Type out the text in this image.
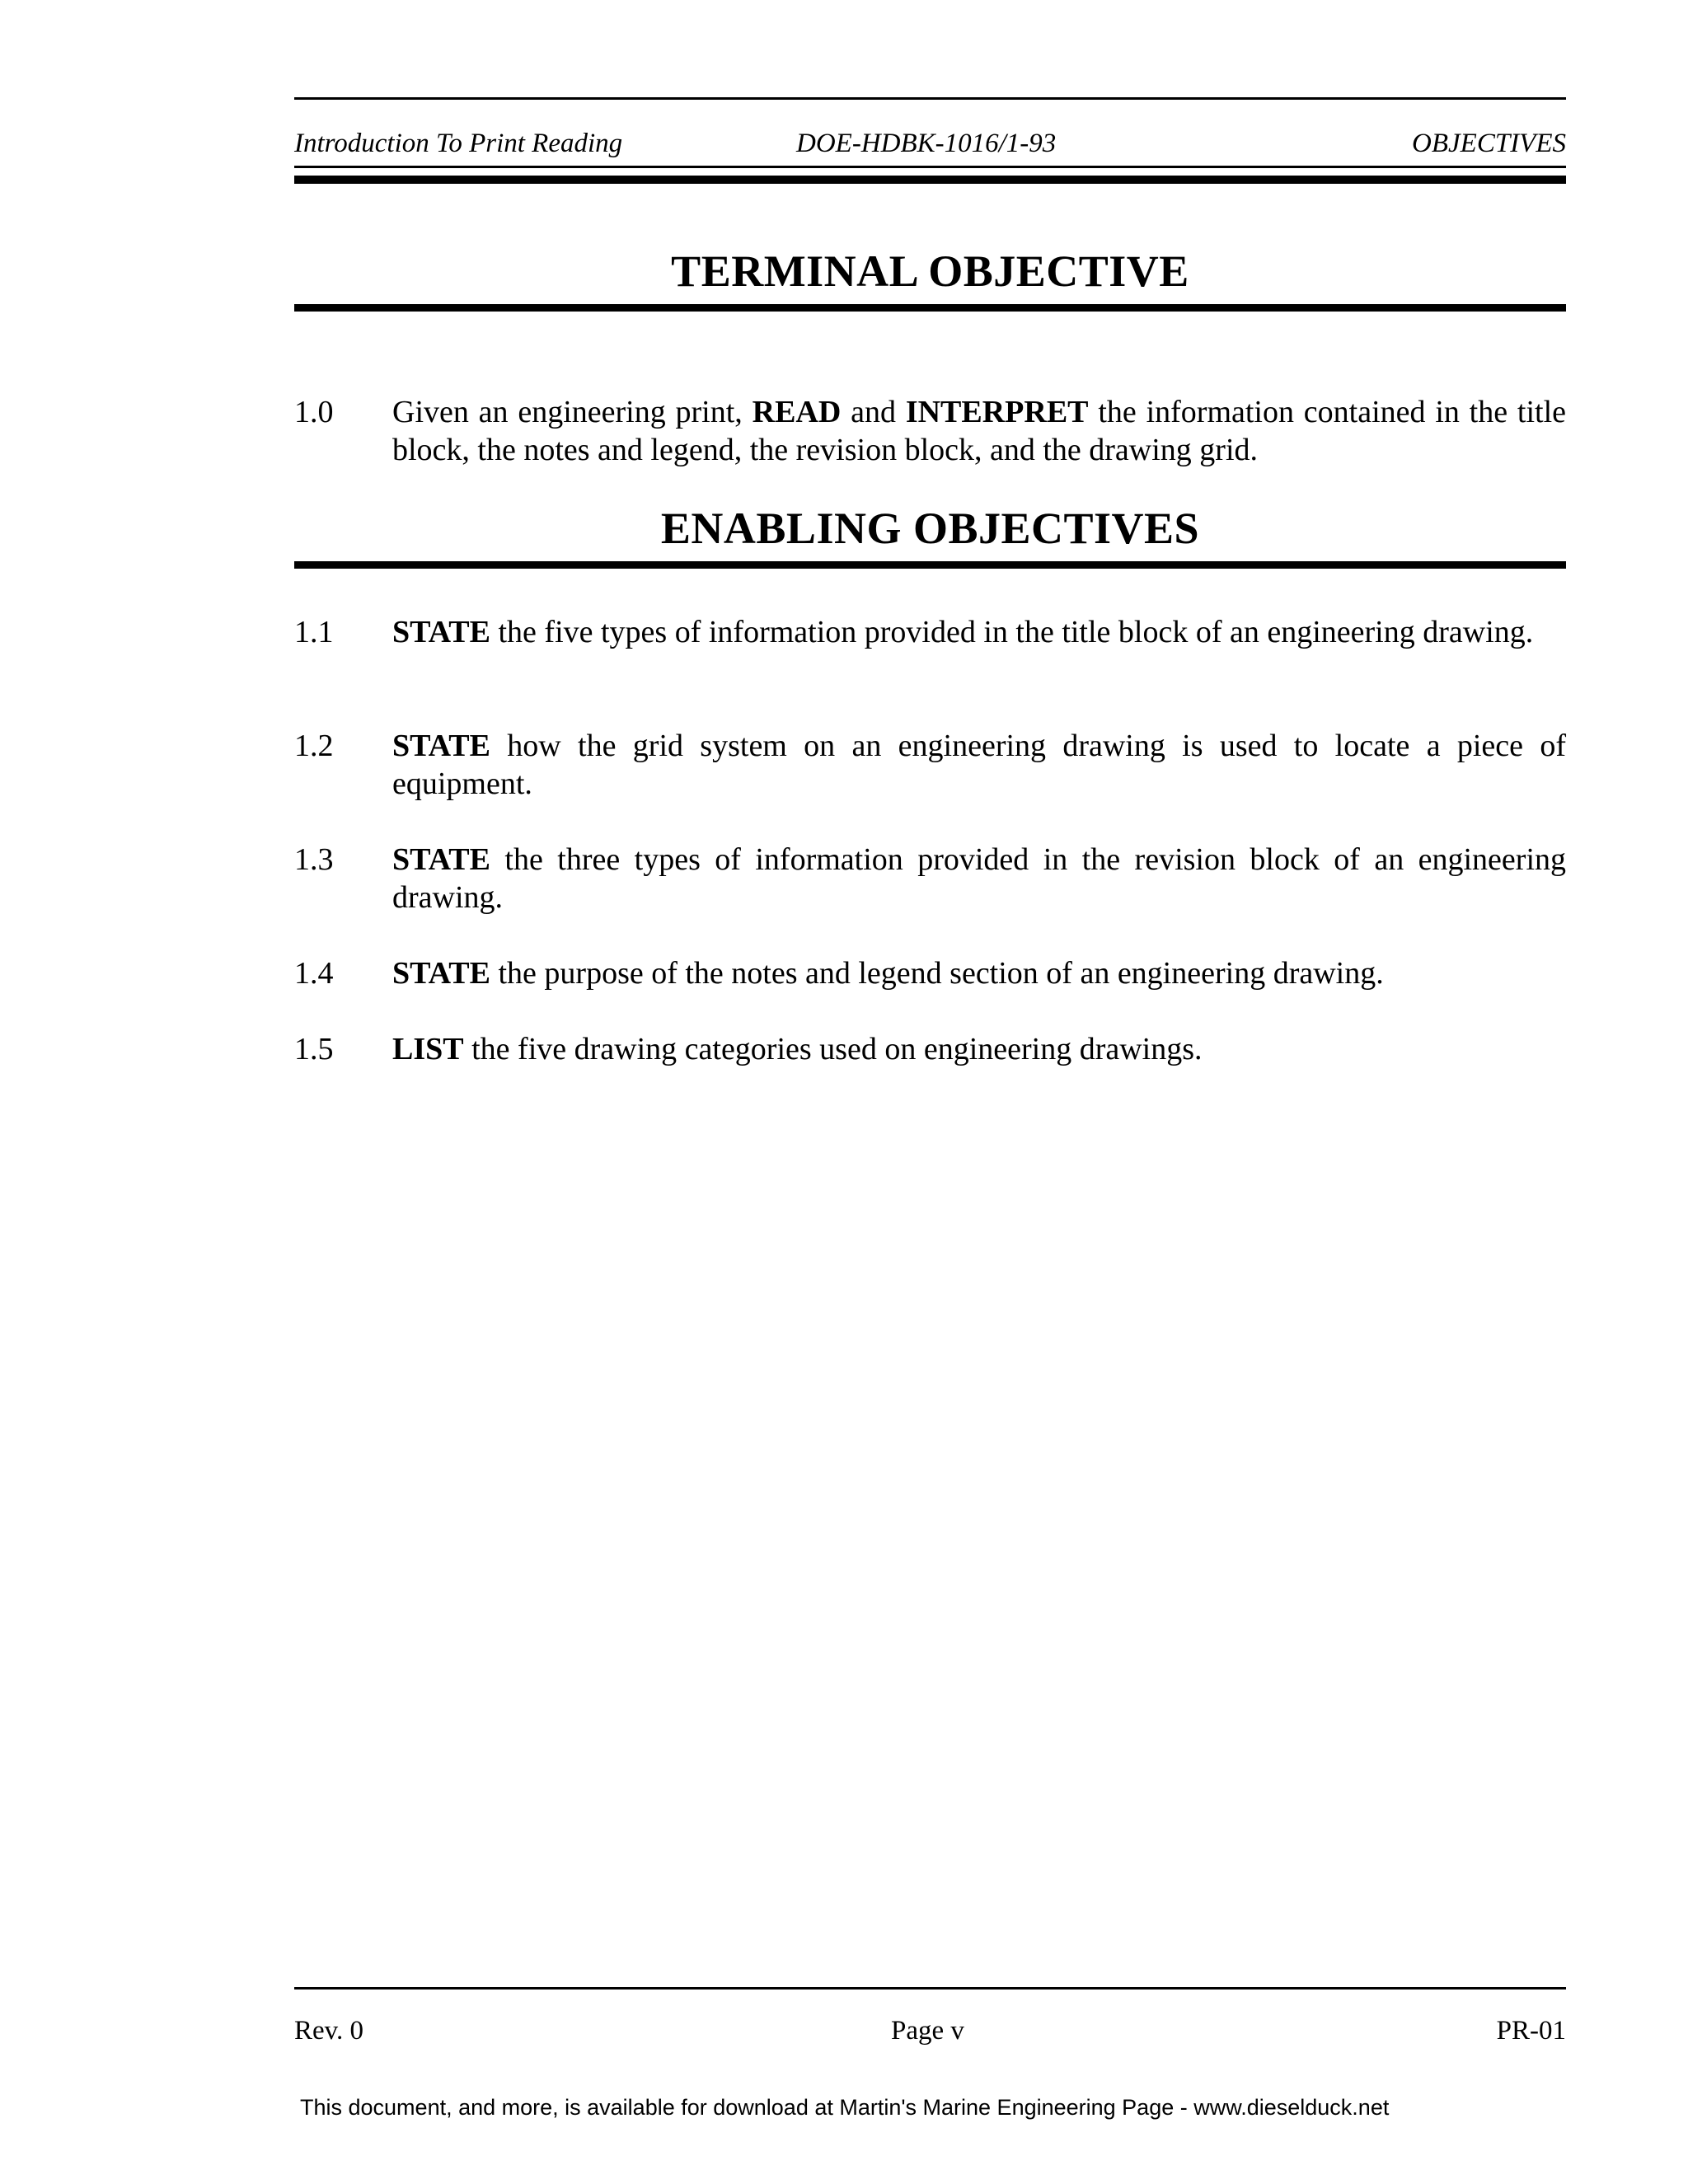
Introduction To Print Reading	DOE-HDBK-1016/1-93	OBJECTIVES
TERMINAL OBJECTIVE
1.0	Given an engineering print, READ and INTERPRET the information contained in the title block, the notes and legend, the revision block, and the drawing grid.
ENABLING OBJECTIVES
1.1	STATE the five types of information provided in the title block of an engineering drawing.
1.2	STATE how the grid system on an engineering drawing is used to locate a piece of equipment.
1.3	STATE the three types of information provided in the revision block of an engineering drawing.
1.4	STATE the purpose of the notes and legend section of an engineering drawing.
1.5	LIST the five drawing categories used on engineering drawings.
Rev. 0	Page v	PR-01
This document, and more, is available for download at Martin's Marine Engineering Page - www.dieselduck.net
